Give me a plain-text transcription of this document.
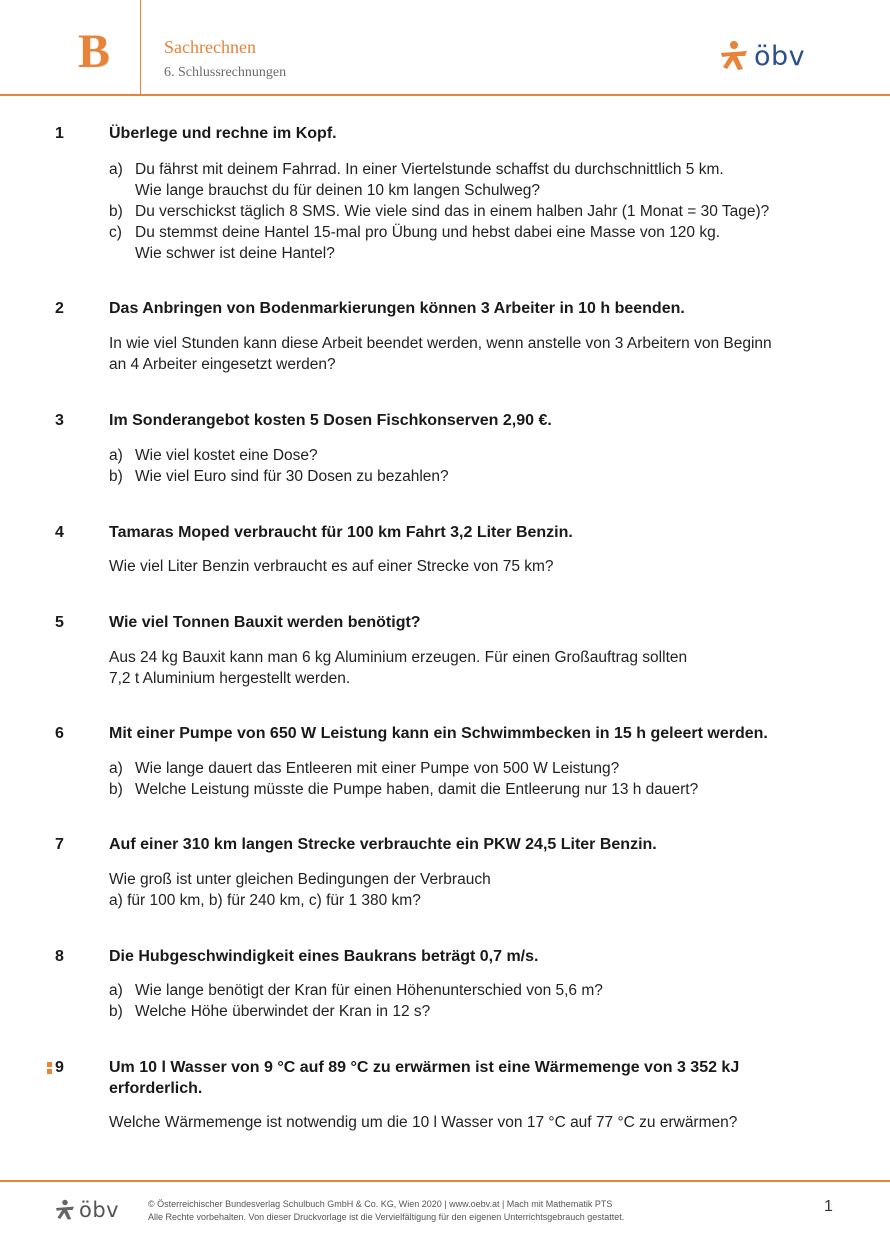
B	Sachrechnen
6. Schlussrechnungen
öbv
1	Überlege und rechne im Kopf.
a) Du fährst mit deinem Fahrrad. In einer Viertelstunde schaffst du durchschnittlich 5 km.
Wie lange brauchst du für deinen 10 km langen Schulweg?
b) Du verschickst täglich 8 SMS. Wie viele sind das in einem halben Jahr (1 Monat = 30 Tage)?
c) Du stemmst deine Hantel 15-mal pro Übung und hebst dabei eine Masse von 120 kg.
Wie schwer ist deine Hantel?
2	Das Anbringen von Bodenmarkierungen können 3 Arbeiter in 10 h beenden.
In wie viel Stunden kann diese Arbeit beendet werden, wenn anstelle von 3 Arbeitern von Beginn
an 4 Arbeiter eingesetzt werden?
3	Im Sonderangebot kosten 5 Dosen Fischkonserven 2,90 €.
a) Wie viel kostet eine Dose?
b) Wie viel Euro sind für 30 Dosen zu bezahlen?
4	Tamaras Moped verbraucht für 100 km Fahrt 3,2 Liter Benzin.
Wie viel Liter Benzin verbraucht es auf einer Strecke von 75 km?
5	Wie viel Tonnen Bauxit werden benötigt?
Aus 24 kg Bauxit kann man 6 kg Aluminium erzeugen. Für einen Großauftrag sollten
7,2 t Aluminium hergestellt werden.
6	Mit einer Pumpe von 650 W Leistung kann ein Schwimmbecken in 15 h geleert werden.
a) Wie lange dauert das Entleeren mit einer Pumpe von 500 W Leistung?
b) Welche Leistung müsste die Pumpe haben, damit die Entleerung nur 13 h dauert?
7	Auf einer 310 km langen Strecke verbrauchte ein PKW 24,5 Liter Benzin.
Wie groß ist unter gleichen Bedingungen der Verbrauch
a) für 100 km, b) für 240 km, c) für 1 380 km?
8	Die Hubgeschwindigkeit eines Baukrans beträgt 0,7 m/s.
a) Wie lange benötigt der Kran für einen Höhenunterschied von 5,6 m?
b) Welche Höhe überwindet der Kran in 12 s?
9	Um 10 l Wasser von 9 °C auf 89 °C zu erwärmen ist eine Wärmemenge von 3 352 kJ erforderlich.
Welche Wärmemenge ist notwendig um die 10 l Wasser von 17 °C auf 77 °C zu erwärmen?
öbv	© Österreichischer Bundesverlag Schulbuch GmbH & Co. KG, Wien 2020 | www.oebv.at | Mach mit Mathematik PTS
Alle Rechte vorbehalten. Von dieser Druckvorlage ist die Vervielfältigung für den eigenen Unterrichtsgebrauch gestattet.
1
